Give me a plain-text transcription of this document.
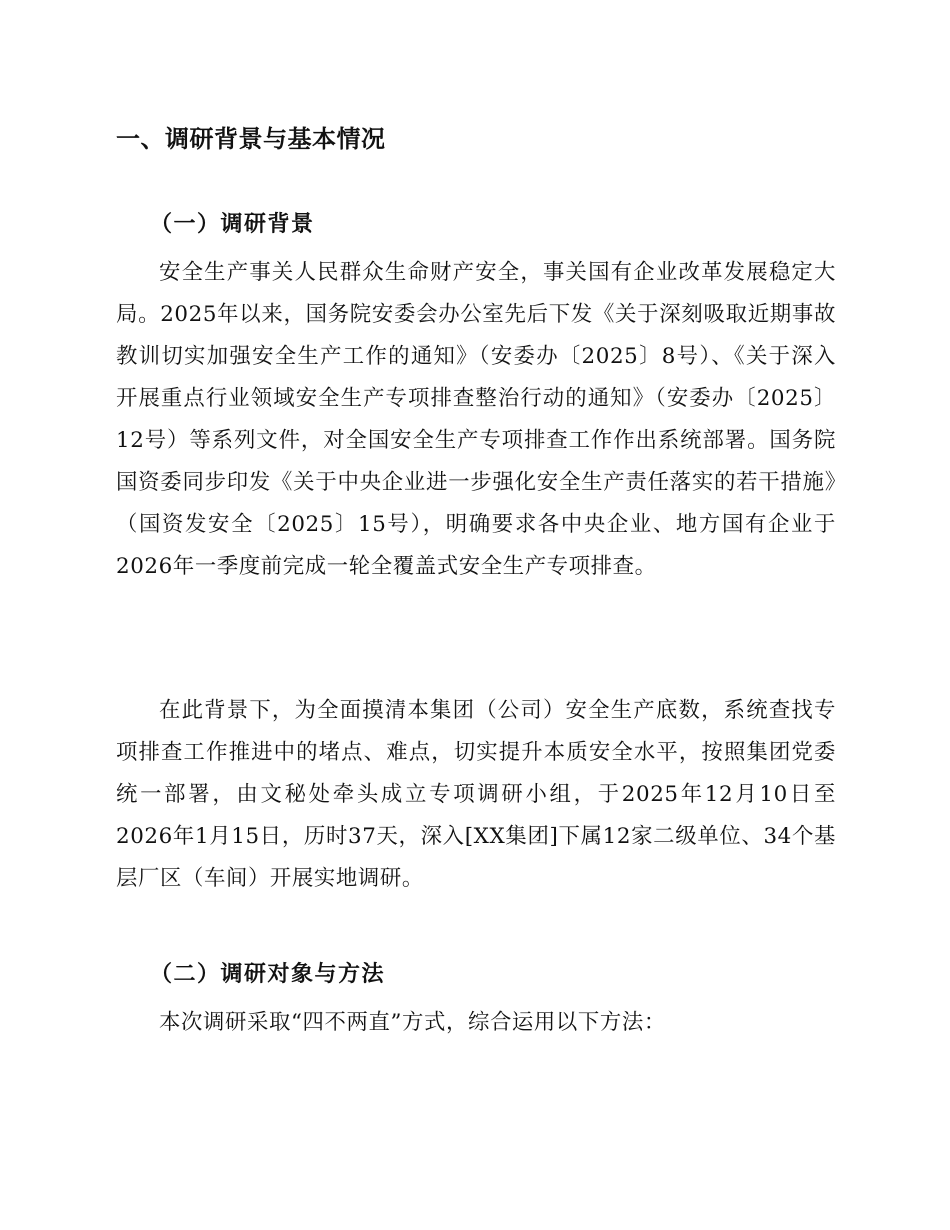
一、调研背景与基本情况
（一）调研背景

安全生产事关人民群众生命财产安全，事关国有企业改革发展稳定大局。2025年以来，国务院安委会办公室先后下发《关于深刻吸取近期事故教训切实加强安全生产工作的通知》（安委办〔2025〕8号）、《关于深入开展重点行业领域安全生产专项排查整治行动的通知》（安委办〔2025〕12号）等系列文件，对全国安全生产专项排查工作作出系统部署。国务院国资委同步印发《关于中央企业进一步强化安全生产责任落实的若干措施》（国资发安全〔2025〕15号），明确要求各中央企业、地方国有企业于2026年一季度前完成一轮全覆盖式安全生产专项排查。

在此背景下，为全面摸清本集团（公司）安全生产底数，系统查找专项排查工作推进中的堵点、难点，切实提升本质安全水平，按照集团党委统一部署，由文秘处牵头成立专项调研小组，于2025年12月10日至2026年1月15日，历时37天，深入[XX集团]下属12家二级单位、34个基层厂区（车间）开展实地调研。

（二）调研对象与方法

本次调研采取“四不两直”方式，综合运用以下方法：
